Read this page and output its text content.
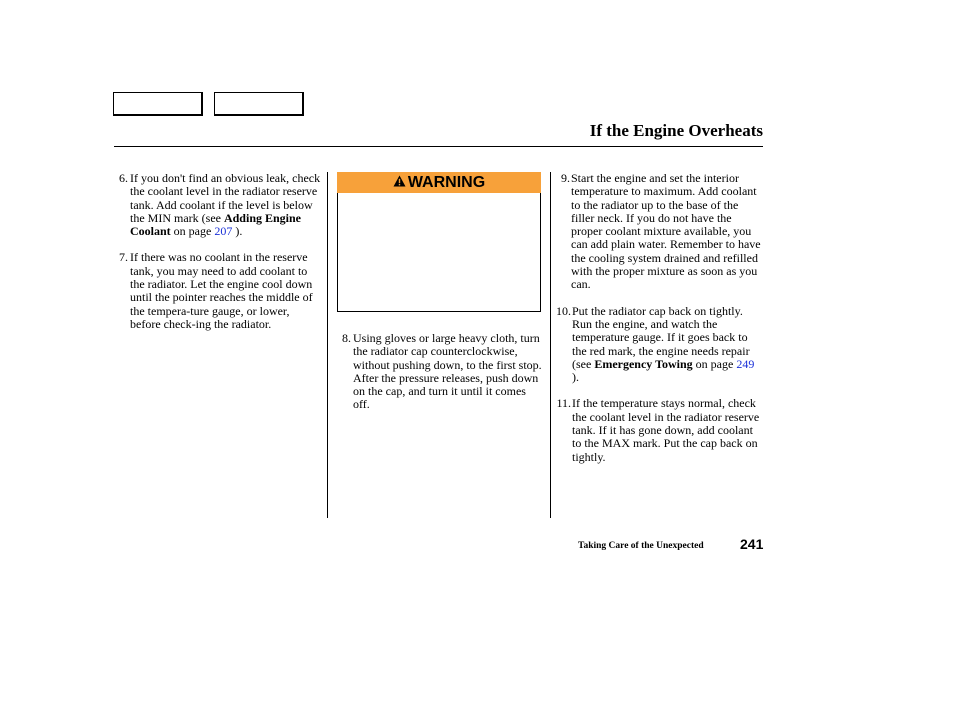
If the Engine Overheats
6. If you don't find an obvious leak, check the coolant level in the radiator reserve tank. Add coolant if the level is below the MIN mark (see Adding Engine Coolant on page 207 ).
7. If there was no coolant in the reserve tank, you may need to add coolant to the radiator. Let the engine cool down until the pointer reaches the middle of the tempera-ture gauge, or lower, before check-ing the radiator.
WARNING
8. Using gloves or large heavy cloth, turn the radiator cap counterclockwise, without pushing down, to the first stop. After the pressure releases, push down on the cap, and turn it until it comes off.
9. Start the engine and set the interior temperature to maximum. Add coolant to the radiator up to the base of the filler neck. If you do not have the proper coolant mixture available, you can add plain water. Remember to have the cooling system drained and refilled with the proper mixture as soon as you can.
10. Put the radiator cap back on tightly. Run the engine, and watch the temperature gauge. If it goes back to the red mark, the engine needs repair (see Emergency Towing on page 249 ).
11. If the temperature stays normal, check the coolant level in the radiator reserve tank. If it has gone down, add coolant to the MAX mark. Put the cap back on tightly.
Taking Care of the Unexpected	241
